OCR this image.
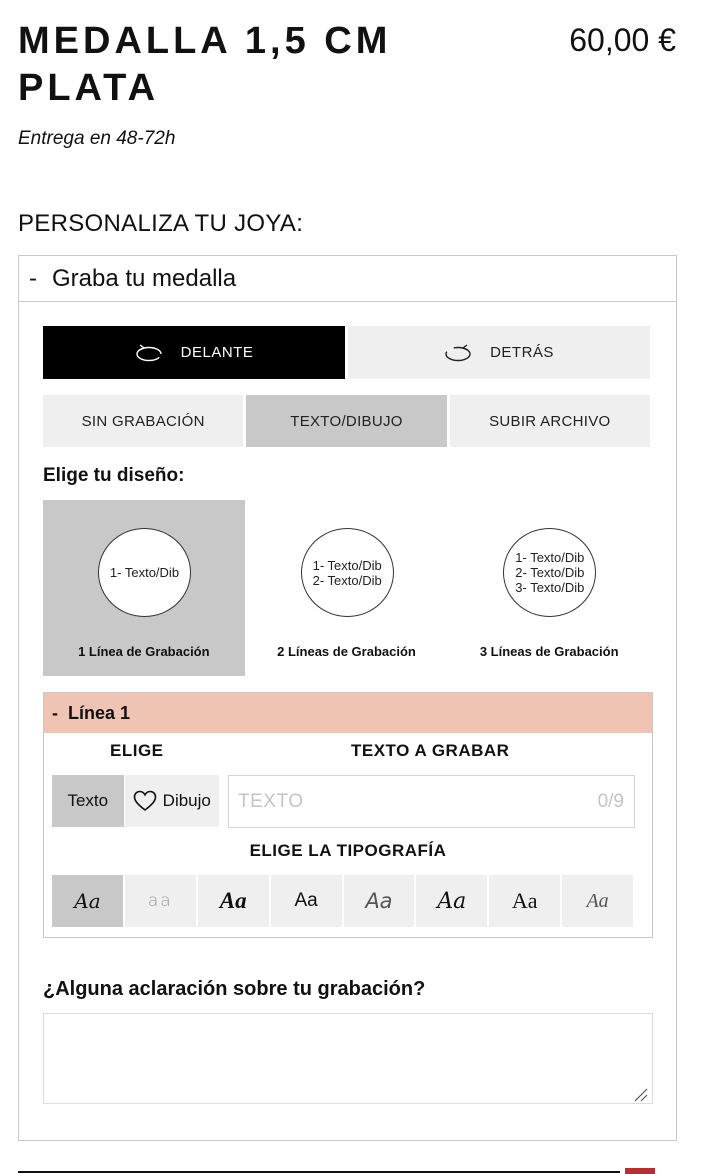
MEDALLA 1,5 CM PLATA
60,00 €
Entrega en 48-72h
PERSONALIZA TU JOYA:
- Graba tu medalla
DELANTE	DETRÁS
SIN GRABACIÓN	TEXTO/DIBUJO	SUBIR ARCHIVO
Elige tu diseño:
1- Texto/Dib
1 Línea de Grabación
1- Texto/Dib
2- Texto/Dib
2 Líneas de Grabación
1- Texto/Dib
2- Texto/Dib
3- Texto/Dib
3 Líneas de Grabación
- Línea 1
ELIGE	TEXTO A GRABAR
Texto	Dibujo
TEXTO	0/9
ELIGE LA TIPOGRAFÍA
Aa	aa	Aa	Aa	Aa	Aa	Aa	Aa
¿Alguna aclaración sobre tu grabación?
